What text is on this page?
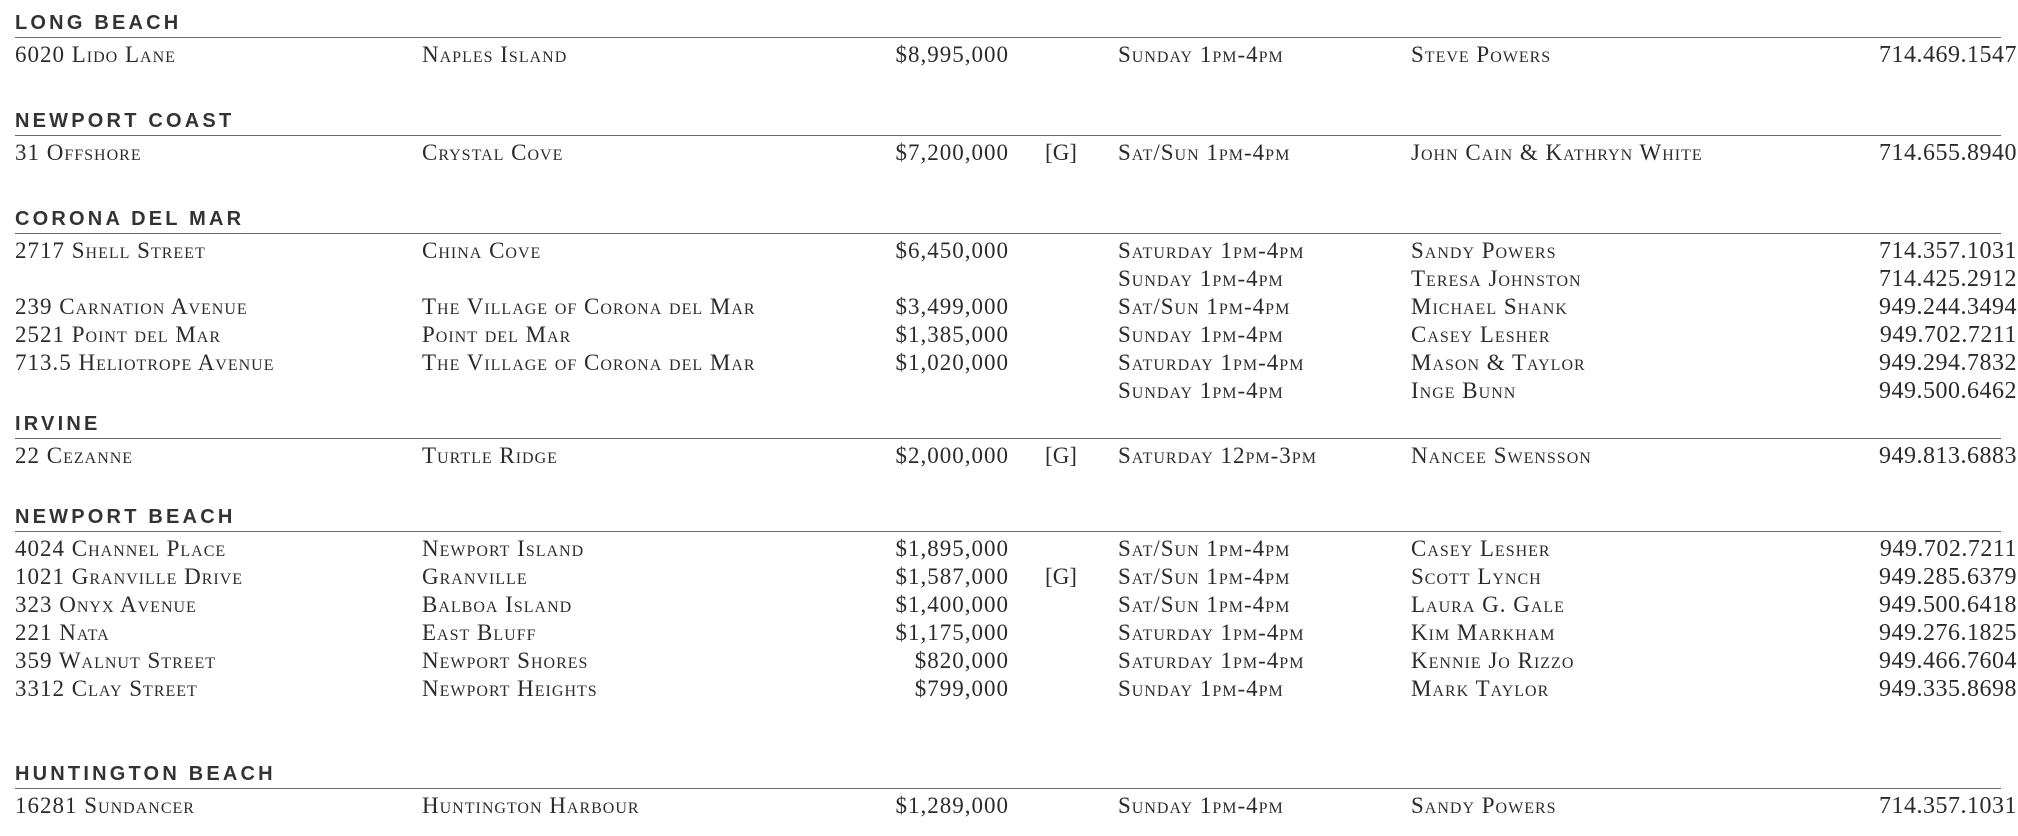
LONG BEACH
6020 Lido Lane	Naples Island	$8,995,000	Sunday 1pm-4pm	Steve Powers	714.469.1547
NEWPORT COAST
31 Offshore	Crystal Cove	$7,200,000 [G] Sat/Sun 1pm-4pm	John Cain & Kathryn White	714.655.8940
CORONA DEL MAR
2717 Shell Street	China Cove	$6,450,000	Saturday 1pm-4pm	Sandy Powers	714.357.1031
Sunday 1pm-4pm	Teresa Johnston	714.425.2912
239 Carnation Avenue	The Village of Corona del Mar	$3,499,000	Sat/Sun 1pm-4pm	Michael Shank	949.244.3494
2521 Point del Mar	Point del Mar	$1,385,000	Sunday 1pm-4pm	Casey Lesher	949.702.7211
713.5 Heliotrope Avenue	The Village of Corona del Mar	$1,020,000	Saturday 1pm-4pm	Mason & Taylor	949.294.7832
Sunday 1pm-4pm	Inge Bunn	949.500.6462
IRVINE
22 Cezanne	Turtle Ridge	$2,000,000 [G] Saturday 12pm-3pm	Nancee Swensson	949.813.6883
NEWPORT BEACH
4024 Channel Place	Newport Island	$1,895,000	Sat/Sun 1pm-4pm	Casey Lesher	949.702.7211
1021 Granville Drive	Granville	$1,587,000 [G] Sat/Sun 1pm-4pm	Scott Lynch	949.285.6379
323 Onyx Avenue	Balboa Island	$1,400,000	Sat/Sun 1pm-4pm	Laura G. Gale	949.500.6418
221 Nata	East Bluff	$1,175,000	Saturday 1pm-4pm	Kim Markham	949.276.1825
359 Walnut Street	Newport Shores	$820,000	Saturday 1pm-4pm	Kennie Jo Rizzo	949.466.7604
3312 Clay Street	Newport Heights	$799,000	Sunday 1pm-4pm	Mark Taylor	949.335.8698
HUNTINGTON BEACH
16281 Sundancer	Huntington Harbour	$1,289,000	Sunday 1pm-4pm	Sandy Powers	714.357.1031
